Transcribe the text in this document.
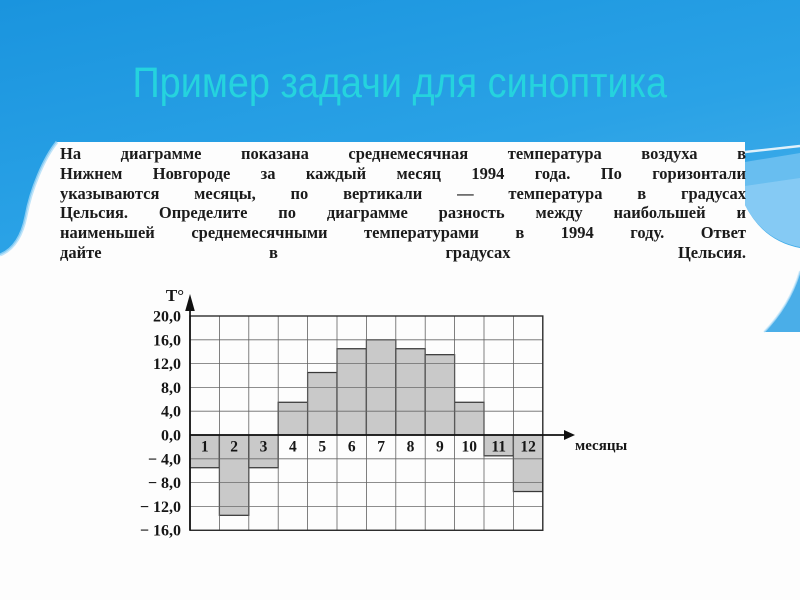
Пример задачи для синоптика
На диаграмме показана среднемесячная температура воздуха в
Нижнем Новгороде за каждый месяц 1994 года. По горизонтали
указываются месяцы, по вертикали — температура в градусах
Цельсия. Определите по диаграмме разность между наибольшей и
наименьшей среднемесячными температурами в 1994 году. Ответ
дайте в градусах Цельсия.
20,0
16,0
12,0
8,0
4,0
0,0
− 4,0
− 8,0
− 12,0
− 16,0
T°
месяцы
1 2 3 4 5 6 7 8 9 10 11 12
